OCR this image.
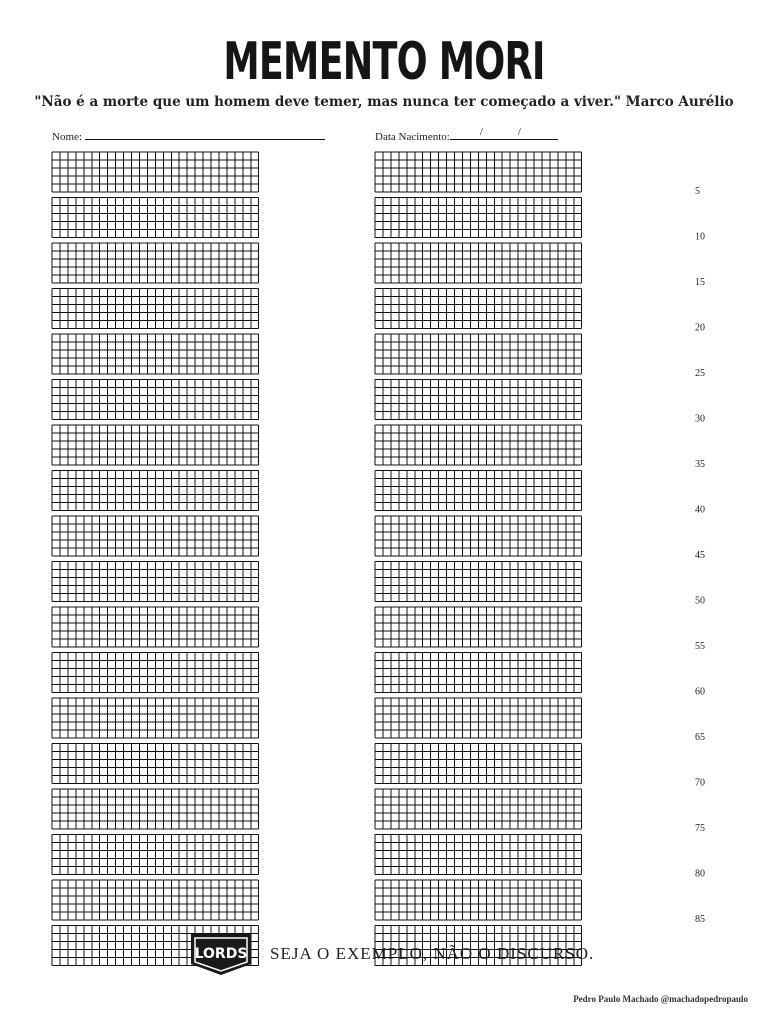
MEMENTO MORI
"Não é a morte que um homem deve temer, mas nunca ter começado a viver." Marco Aurélio
Nome:	Data Nacimento:	/	/
5
10
15
20
25
30
35
40
45
50
55
60
65
70
75
80
85
LORDS SEJA O EXEMPLO, NÃO O DISCURSO.
Pedro Paulo Machado @machadopedropaulo
